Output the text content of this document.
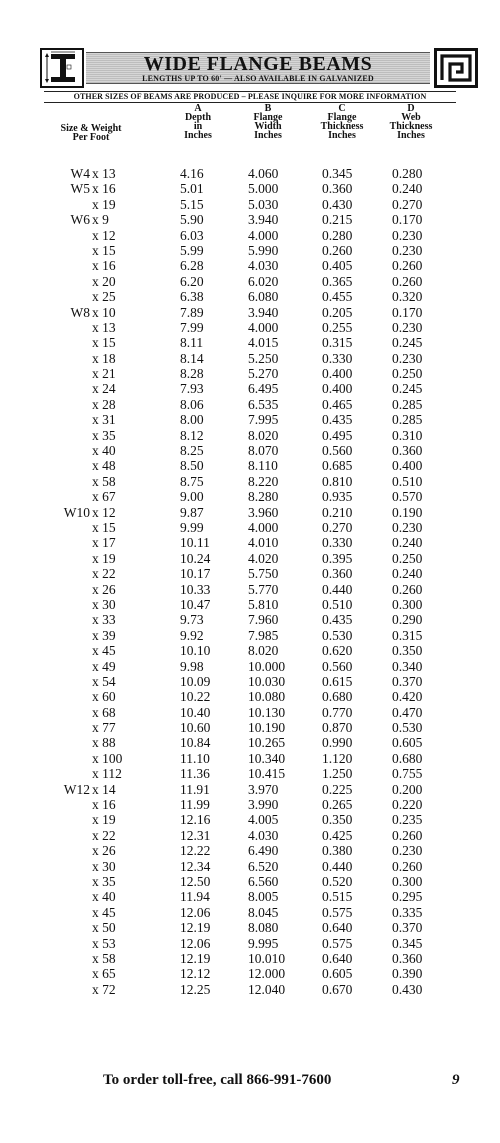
WIDE FLANGE BEAMS
LENGTHS UP TO 60' — ALSO AVAILABLE IN GALVANIZED
OTHER SIZES OF BEAMS ARE PRODUCED – PLEASE INQUIRE FOR MORE INFORMATION
Size & Weight
Per Foot
A
Depth
in
Inches
B
Flange
Width
Inches
C
Flange
Thickness
Inches
D
Web
Thickness
Inches
W4 x 13	4.16	4.060	0.345	0.280
W5 x 16	5.01	5.000	0.360	0.240
x 19	5.15	5.030	0.430	0.270
W6 x 9	5.90	3.940	0.215	0.170
x 12	6.03	4.000	0.280	0.230
x 15	5.99	5.990	0.260	0.230
x 16	6.28	4.030	0.405	0.260
x 20	6.20	6.020	0.365	0.260
x 25	6.38	6.080	0.455	0.320
W8 x 10	7.89	3.940	0.205	0.170
x 13	7.99	4.000	0.255	0.230
x 15	8.11	4.015	0.315	0.245
x 18	8.14	5.250	0.330	0.230
x 21	8.28	5.270	0.400	0.250
x 24	7.93	6.495	0.400	0.245
x 28	8.06	6.535	0.465	0.285
x 31	8.00	7.995	0.435	0.285
x 35	8.12	8.020	0.495	0.310
x 40	8.25	8.070	0.560	0.360
x 48	8.50	8.110	0.685	0.400
x 58	8.75	8.220	0.810	0.510
x 67	9.00	8.280	0.935	0.570
W10 x 12	9.87	3.960	0.210	0.190
x 15	9.99	4.000	0.270	0.230
x 17	10.11	4.010	0.330	0.240
x 19	10.24	4.020	0.395	0.250
x 22	10.17	5.750	0.360	0.240
x 26	10.33	5.770	0.440	0.260
x 30	10.47	5.810	0.510	0.300
x 33	9.73	7.960	0.435	0.290
x 39	9.92	7.985	0.530	0.315
x 45	10.10	8.020	0.620	0.350
x 49	9.98	10.000	0.560	0.340
x 54	10.09	10.030	0.615	0.370
x 60	10.22	10.080	0.680	0.420
x 68	10.40	10.130	0.770	0.470
x 77	10.60	10.190	0.870	0.530
x 88	10.84	10.265	0.990	0.605
x 100	11.10	10.340	1.120	0.680
x 112	11.36	10.415	1.250	0.755
W12 x 14	11.91	3.970	0.225	0.200
x 16	11.99	3.990	0.265	0.220
x 19	12.16	4.005	0.350	0.235
x 22	12.31	4.030	0.425	0.260
x 26	12.22	6.490	0.380	0.230
x 30	12.34	6.520	0.440	0.260
x 35	12.50	6.560	0.520	0.300
x 40	11.94	8.005	0.515	0.295
x 45	12.06	8.045	0.575	0.335
x 50	12.19	8.080	0.640	0.370
x 53	12.06	9.995	0.575	0.345
x 58	12.19	10.010	0.640	0.360
x 65	12.12	12.000	0.605	0.390
x 72	12.25	12.040	0.670	0.430
To order toll-free, call 866-991-7600	9
